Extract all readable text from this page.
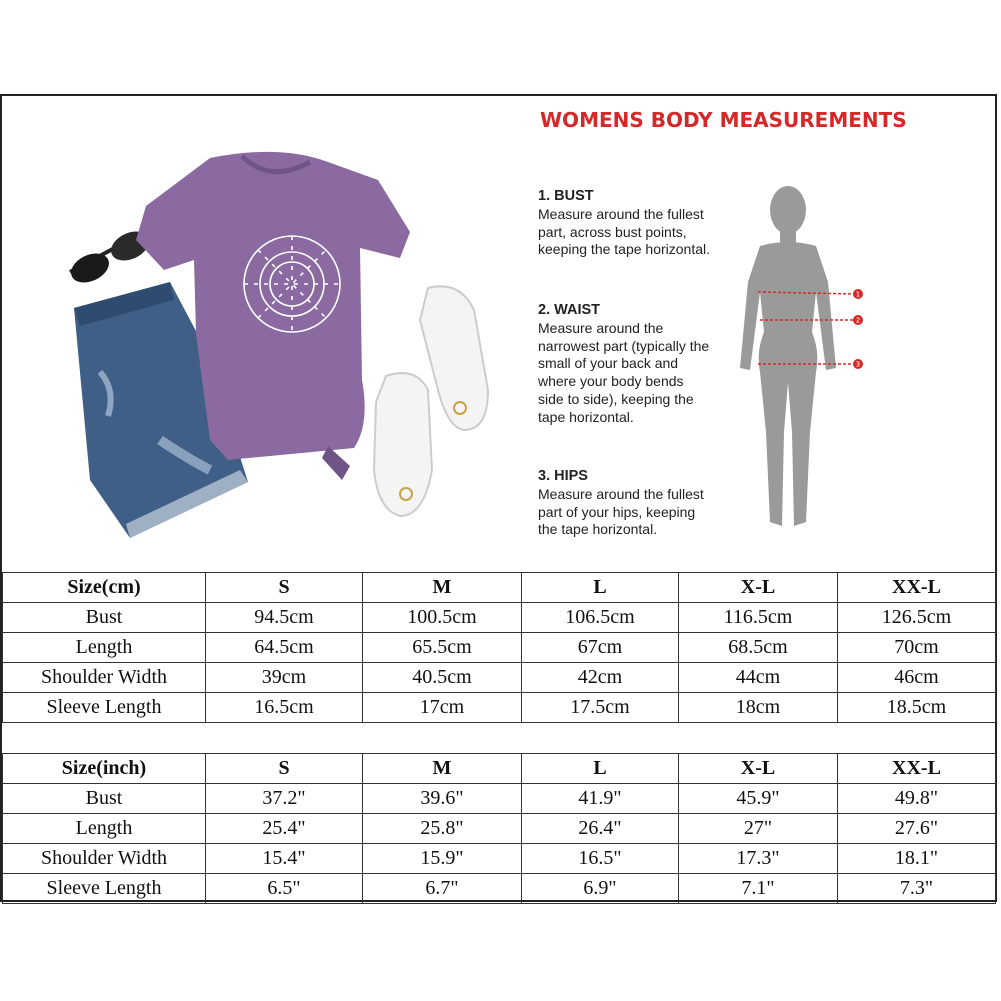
WOMENS BODY MEASUREMENTS
1. BUST
Measure around the fullest part, across bust points, keeping the tape horizontal.
2. WAIST
Measure around the narrowest part (typically the small of your back and where your body bends side to side), keeping the tape horizontal.
3. HIPS
Measure around the fullest part of your hips, keeping the tape horizontal.
1
2
3
Size(cm)	S	M	L	X-L	XX-L
Bust	94.5cm	100.5cm	106.5cm	116.5cm	126.5cm
Length	64.5cm	65.5cm	67cm	68.5cm	70cm
Shoulder Width	39cm	40.5cm	42cm	44cm	46cm
Sleeve Length	16.5cm	17cm	17.5cm	18cm	18.5cm
Size(inch)	S	M	L	X-L	XX-L
Bust	37.2"	39.6"	41.9"	45.9"	49.8"
Length	25.4"	25.8"	26.4"	27"	27.6"
Shoulder Width	15.4"	15.9"	16.5"	17.3"	18.1"
Sleeve Length	6.5"	6.7"	6.9"	7.1"	7.3"
